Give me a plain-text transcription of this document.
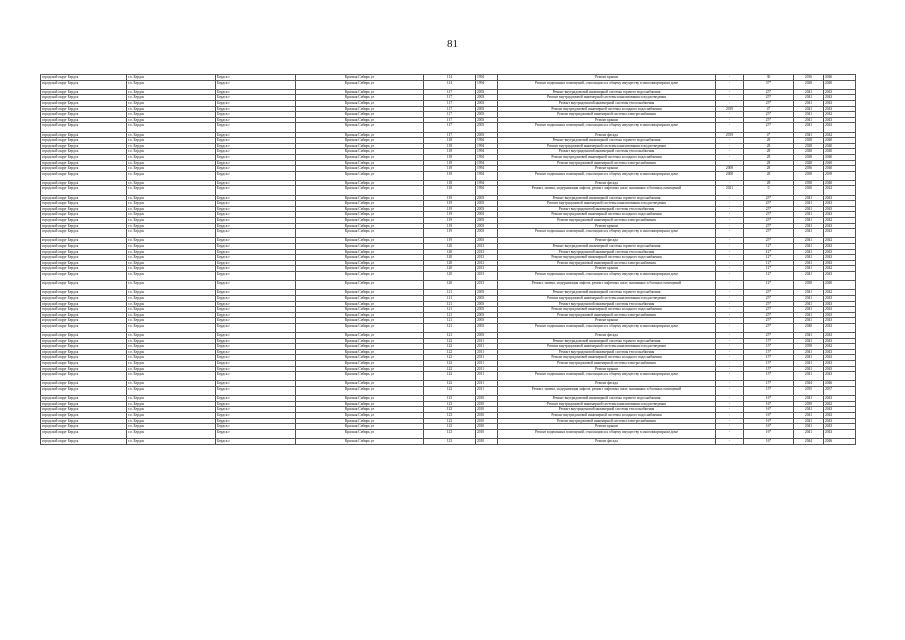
81
городской округ Бердск	г.о. Бердск	Бердск г	Красная Сибирь ул	114	1994	Ремонт крыши	-	30	2016	2046
городской округ Бердск	г.о. Бердск	Бердск г	Красная Сибирь ул	114	1994	Ремонт подвальных помещений, относящихся к общему имуществу в многоквартирном доме	-	37*	2028	2040
городской округ Бердск	г.о. Бердск	Бердск г	Красная Сибирь ул	117	2003	Ремонт внутридомовой инженерной системы горячего водоснабжения	-	25*	2041	2043
городской округ Бердск	г.о. Бердск	Бердск г	Красная Сибирь ул	117	2003	Ремонт внутридомовой инженерной системы канализования и водоотведения	-	25*	2041	2043
городской округ Бердск	г.о. Бердск	Бердск г	Красная Сибирь ул	117	2003	Ремонт внутридомовой инженерной системы теплоснабжения	-	25*	2041	2043
городской округ Бердск	г.о. Бердск	Бердск г	Красная Сибирь ул	117	2003	Ремонт внутридомовой инженерной системы холодного водоснабжения	2019	4*	2041	2043
городской округ Бердск	г.о. Бердск	Бердск г	Красная Сибирь ул	117	2003	Ремонт внутридомовой инженерной системы электроснабжения	-	25*	2041	2042
городской округ Бердск	г.о. Бердск	Бердск г	Красная Сибирь ул	117	2003	Ремонт крыши	-	25*	2041	2043
городской округ Бердск	г.о. Бердск	Бердск г	Красная Сибирь ул	117	2003	Ремонт подвальных помещений, относящихся к общему имуществу в многоквартирном доме	-	25*	2041	2043
городской округ Бердск	г.о. Бердск	Бердск г	Красная Сибирь ул	117	2003	Ремонт фасада	2019	4*	2041	2042
городской округ Бердск	г.о. Бердск	Бердск г	Красная Сибирь ул	118	1994	Ремонт внутридомовой инженерной системы горячего водоснабжения	-	28	2028	2040
городской округ Бердск	г.о. Бердск	Бердск г	Красная Сибирь ул	118	1994	Ремонт внутридомовой инженерной системы канализования и водоотведения	-	28	2028	2040
городской округ Бердск	г.о. Бердск	Бердск г	Красная Сибирь ул	118	1994	Ремонт внутридомовой инженерной системы теплоснабжения	-	28	2028	2040
городской округ Бердск	г.о. Бердск	Бердск г	Красная Сибирь ул	118	1994	Ремонт внутридомовой инженерной системы холодного водоснабжения	-	28	2028	2040
городской округ Бердск	г.о. Бердск	Бердск г	Красная Сибирь ул	118	1994	Ремонт внутридомовой инженерной системы электроснабжения	-	28	2028	2040
городской округ Бердск	г.о. Бердск	Бердск г	Красная Сибирь ул	118	1994	Ремонт крыши	2008	28	2036	2040
городской округ Бердск	г.о. Бердск	Бердск г	Красная Сибирь ул	118	1994	Ремонт подвальных помещений, относящихся к общему имуществу в многоквартирном доме	2008	28	2038	2039
городской округ Бердск	г.о. Бердск	Бердск г	Красная Сибирь ул	118	1994	Ремонт фасада	-	28	2038	2040
городской округ Бердск	г.о. Бердск	Бердск г	Красная Сибирь ул	118	1994	Ремонт, замена, модернизация лифтов, ремонт лифтовых шахт, машинных и блочных помещений	2021	0	2020	2022
городской округ Бердск	г.о. Бердск	Бердск г	Красная Сибирь ул	119	2003	Ремонт внутридомовой инженерной системы горячего водоснабжения	-	25*	2041	2043
городской округ Бердск	г.о. Бердск	Бердск г	Красная Сибирь ул	119	2003	Ремонт внутридомовой инженерной системы канализования и водоотведения	-	25*	2041	2043
городской округ Бердск	г.о. Бердск	Бердск г	Красная Сибирь ул	119	2003	Ремонт внутридомовой инженерной системы теплоснабжения	-	25*	2041	2043
городской округ Бердск	г.о. Бердск	Бердск г	Красная Сибирь ул	119	2003	Ремонт внутридомовой инженерной системы холодного водоснабжения	-	25*	2041	2043
городской округ Бердск	г.о. Бердск	Бердск г	Красная Сибирь ул	119	2003	Ремонт внутридомовой инженерной системы электроснабжения	-	25*	2041	2042
городской округ Бердск	г.о. Бердск	Бердск г	Красная Сибирь ул	119	2003	Ремонт крыши	-	25*	2041	2043
городской округ Бердск	г.о. Бердск	Бердск г	Красная Сибирь ул	119	2003	Ремонт подвальных помещений, относящихся к общему имуществу в многоквартирном доме	-	25*	2041	2043
городской округ Бердск	г.о. Бердск	Бердск г	Красная Сибирь ул	119	2003	Ремонт фасада	-	25*	2041	2042
городской округ Бердск	г.о. Бердск	Бердск г	Красная Сибирь ул	120	2013	Ремонт внутридомовой инженерной системы горячего водоснабжения	-	12*	2041	2043
городской округ Бердск	г.о. Бердск	Бердск г	Красная Сибирь ул	120	2013	Ремонт внутридомовой инженерной системы теплоснабжения	-	12*	2041	2043
городской округ Бердск	г.о. Бердск	Бердск г	Красная Сибирь ул	120	2013	Ремонт внутридомовой инженерной системы холодного водоснабжения	-	12*	2041	2043
городской округ Бердск	г.о. Бердск	Бердск г	Красная Сибирь ул	120	2013	Ремонт внутридомовой инженерной системы электроснабжения	-	12*	2041	2043
городской округ Бердск	г.о. Бердск	Бердск г	Красная Сибирь ул	120	2013	Ремонт крыши	-	12*	2041	2042
городской округ Бердск	г.о. Бердск	Бердск г	Красная Сибирь ул	120	2013	Ремонт подвальных помещений, относящихся к общему имуществу в многоквартирном доме	-	12*	2041	2043
городской округ Бердск	г.о. Бердск	Бердск г	Красная Сибирь ул	120	2013	Ремонт, замена, модернизация лифтов, ремонт лифтовых шахт, машинных и блочных помещений	-	12*	2038	2040
городской округ Бердск	г.о. Бердск	Бердск г	Красная Сибирь ул	121	2003	Ремонт внутридомовой инженерной системы горячего водоснабжения	-	25*	2041	2042
городской округ Бердск	г.о. Бердск	Бердск г	Красная Сибирь ул	121	2003	Ремонт внутридомовой инженерной системы канализования и водоотведения	-	25*	2041	2043
городской округ Бердск	г.о. Бердск	Бердск г	Красная Сибирь ул	121	2003	Ремонт внутридомовой инженерной системы теплоснабжения	-	25*	2041	2043
городской округ Бердск	г.о. Бердск	Бердск г	Красная Сибирь ул	121	2003	Ремонт внутридомовой инженерной системы холодного водоснабжения	-	25*	2041	2043
городской округ Бердск	г.о. Бердск	Бердск г	Красная Сибирь ул	121	2003	Ремонт внутридомовой инженерной системы электроснабжения	-	25*	2041	2043
городской округ Бердск	г.о. Бердск	Бердск г	Красная Сибирь ул	121	2003	Ремонт крыши	-	25*	2041	2043
городской округ Бердск	г.о. Бердск	Бердск г	Красная Сибирь ул	121	2003	Ремонт подвальных помещений, относящихся к общему имуществу в многоквартирном доме	-	25*	2040	2043
городской округ Бердск	г.о. Бердск	Бердск г	Красная Сибирь ул	121	2003	Ремонт фасада	-	25*	2041	2043
городской округ Бердск	г.о. Бердск	Бердск г	Красная Сибирь ул	122	2011	Ремонт внутридомовой инженерной системы горячего водоснабжения	-	15*	2041	2043
городской округ Бердск	г.о. Бердск	Бердск г	Красная Сибирь ул	122	2011	Ремонт внутридомовой инженерной системы канализования и водоотведения	-	15*	2039	2042
городской округ Бердск	г.о. Бердск	Бердск г	Красная Сибирь ул	122	2011	Ремонт внутридомовой инженерной системы теплоснабжения	-	15*	2041	2043
городской округ Бердск	г.о. Бердск	Бердск г	Красная Сибирь ул	122	2011	Ремонт внутридомовой инженерной системы холодного водоснабжения	-	15*	2041	2043
городской округ Бердск	г.о. Бердск	Бердск г	Красная Сибирь ул	122	2011	Ремонт внутридомовой инженерной системы электроснабжения	-	15*	2041	2043
городской округ Бердск	г.о. Бердск	Бердск г	Красная Сибирь ул	122	2011	Ремонт крыши	-	15*	2041	2043
городской округ Бердск	г.о. Бердск	Бердск г	Красная Сибирь ул	122	2011	Ремонт подвальных помещений, относящихся к общему имуществу в многоквартирном доме	-	15*	2041	2043
городской округ Бердск	г.о. Бердск	Бердск г	Красная Сибирь ул	122	2011	Ремонт фасада	-	15*	2044	2046
городской округ Бердск	г.о. Бердск	Бердск г	Красная Сибирь ул	122	2011	Ремонт, замена, модернизация лифтов, ремонт лифтовых шахт, машинных и блочных помещений	-	15*	2035	2037
городской округ Бердск	г.о. Бердск	Бердск г	Красная Сибирь ул	123	2010	Ремонт внутридомовой инженерной системы горячего водоснабжения	-	16*	2041	2043
городской округ Бердск	г.о. Бердск	Бердск г	Красная Сибирь ул	123	2010	Ремонт внутридомовой инженерной системы канализования и водоотведения	-	16*	2039	2042
городской округ Бердск	г.о. Бердск	Бердск г	Красная Сибирь ул	123	2010	Ремонт внутридомовой инженерной системы теплоснабжения	-	16*	2041	2043
городской округ Бердск	г.о. Бердск	Бердск г	Красная Сибирь ул	123	2010	Ремонт внутридомовой инженерной системы холодного водоснабжения	-	16*	2041	2043
городской округ Бердск	г.о. Бердск	Бердск г	Красная Сибирь ул	123	2010	Ремонт внутридомовой инженерной системы электроснабжения	-	16*	2041	2043
городской округ Бердск	г.о. Бердск	Бердск г	Красная Сибирь ул	123	2010	Ремонт крыши	-	16*	2041	2043
городской округ Бердск	г.о. Бердск	Бердск г	Красная Сибирь ул	123	2010	Ремонт подвальных помещений, относящихся к общему имуществу в многоквартирном доме	-	16*	2041	2043
городской округ Бердск	г.о. Бердск	Бердск г	Красная Сибирь ул	123	2010	Ремонт фасада	-	16*	2044	2046
